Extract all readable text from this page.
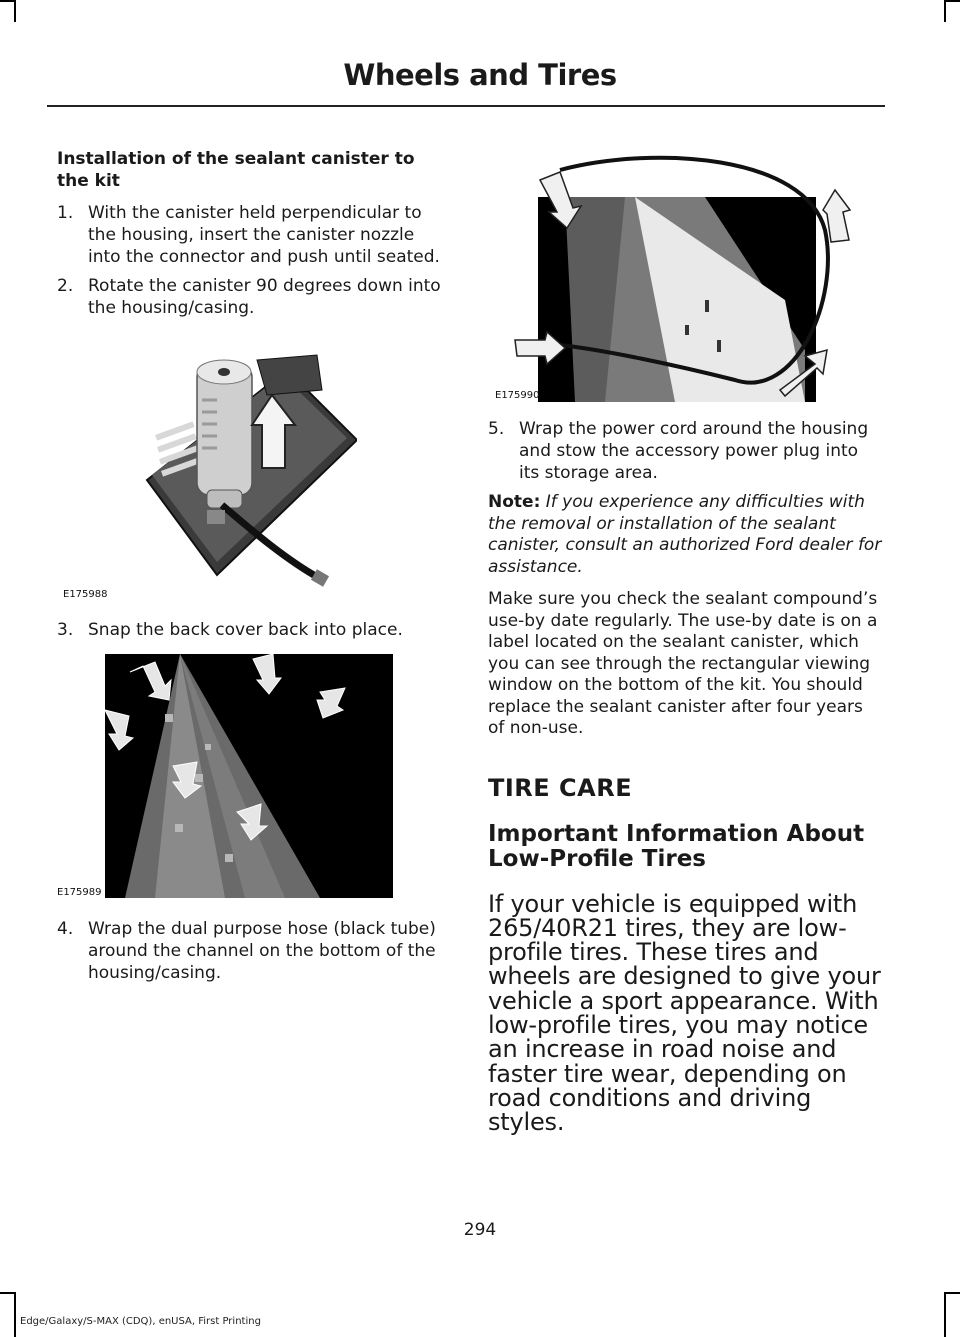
Wheels and Tires
Installation of the sealant canister to the kit
1. With the canister held perpendicular to the housing, insert the canister nozzle into the connector and push until seated.
2. Rotate the canister 90 degrees down into the housing/casing.
E175988
3. Snap the back cover back into place.
E175989
4. Wrap the dual purpose hose (black tube) around the channel on the bottom of the housing/casing.
E175990
5. Wrap the power cord around the housing and stow the accessory power plug into its storage area.

Note: If you experience any difficulties with the removal or installation of the sealant canister, consult an authorized Ford dealer for assistance.

Make sure you check the sealant compound’s use-by date regularly. The use-by date is on a label located on the sealant canister, which you can see through the rectangular viewing window on the bottom of the kit. You should replace the sealant canister after four years of non-use.

TIRE CARE
Important Information About Low-Profile Tires

If your vehicle is equipped with 265/40R21 tires, they are low-profile tires. These tires and wheels are designed to give your vehicle a sport appearance. With low-profile tires, you may notice an increase in road noise and faster tire wear, depending on road conditions and driving styles.

294
Edge/Galaxy/S-MAX (CDQ), enUSA, First Printing
